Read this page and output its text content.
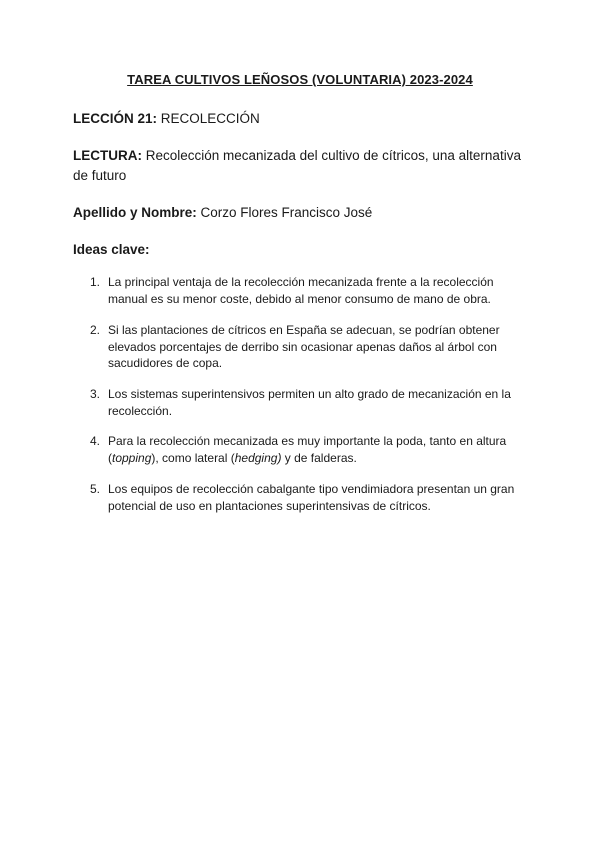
TAREA CULTIVOS LEÑOSOS (VOLUNTARIA) 2023-2024
LECCIÓN 21: RECOLECCIÓN
LECTURA: Recolección mecanizada del cultivo de cítricos, una alternativa de futuro
Apellido y Nombre: Corzo Flores Francisco José
Ideas clave:
1. La principal ventaja de la recolección mecanizada frente a la recolección manual es su menor coste, debido al menor consumo de mano de obra.
2. Si las plantaciones de cítricos en España se adecuan, se podrían obtener elevados porcentajes de derribo sin ocasionar apenas daños al árbol con sacudidores de copa.
3. Los sistemas superintensivos permiten un alto grado de mecanización en la recolección.
4. Para la recolección mecanizada es muy importante la poda, tanto en altura (topping), como lateral (hedging) y de falderas.
5. Los equipos de recolección cabalgante tipo vendimiadora presentan un gran potencial de uso en plantaciones superintensivas de cítricos.
